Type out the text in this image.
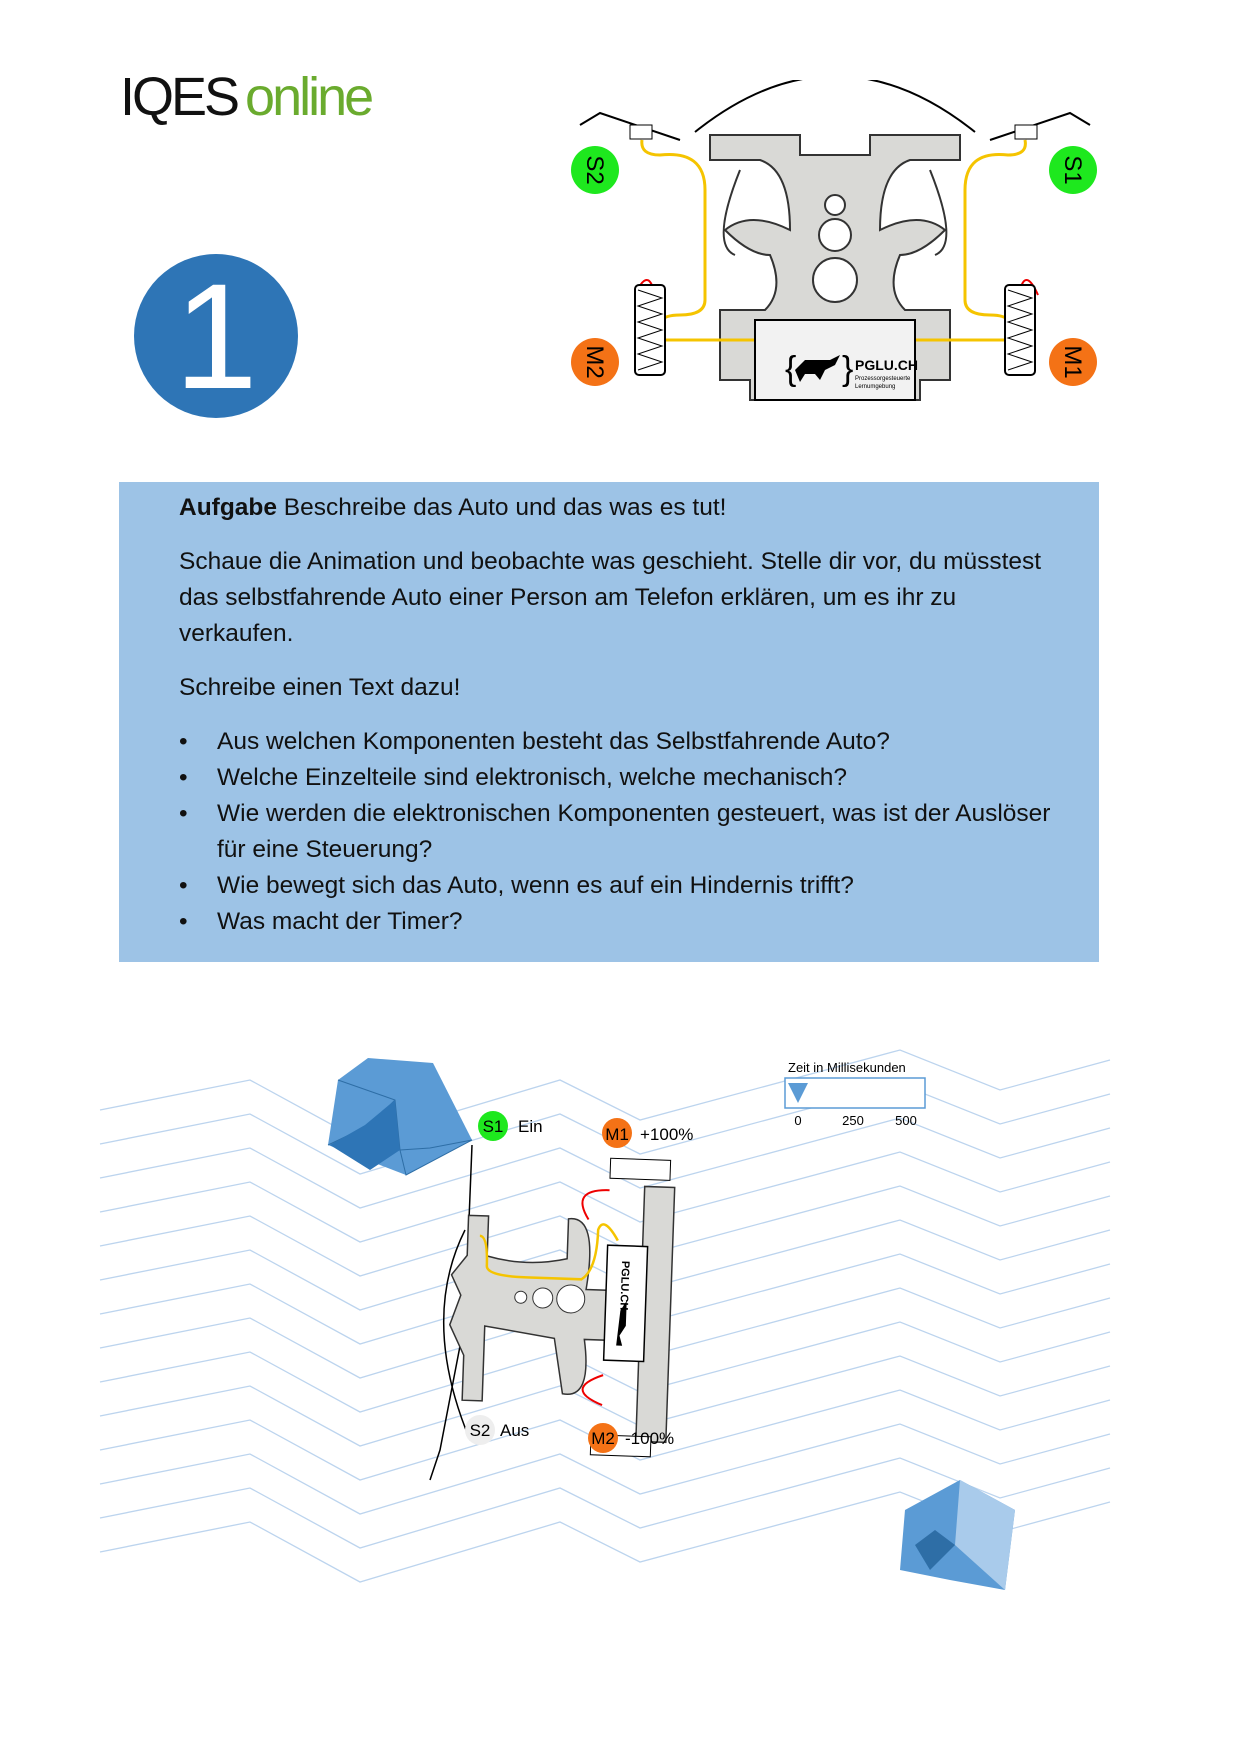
IQES online
1	PGLU.CH
Prozessorgesteuerte
Lernumgebung
{ }
S2	S1
M2	M1

Aufgabe Beschreibe das Auto und das was es tut!

Schaue die Animation und beobachte was geschieht. Stelle dir vor, du müsstest das selbstfahrende Auto einer Person am Telefon erklären, um es ihr zu verkaufen.

Schreibe einen Text dazu!

• Aus welchen Komponenten besteht das Selbstfahrende Auto?
• Welche Einzelteile sind elektronisch, welche mechanisch?
• Wie werden die elektronischen Komponenten gesteuert, was ist der Auslöser für eine Steuerung?
• Wie bewegt sich das Auto, wenn es auf ein Hindernis trifft?
• Was macht der Timer?
PGLU.CH
S1 Ein	M1 +100%
S2 Aus	M2 -100%
Zeit in Millisekunden
0	250 500
